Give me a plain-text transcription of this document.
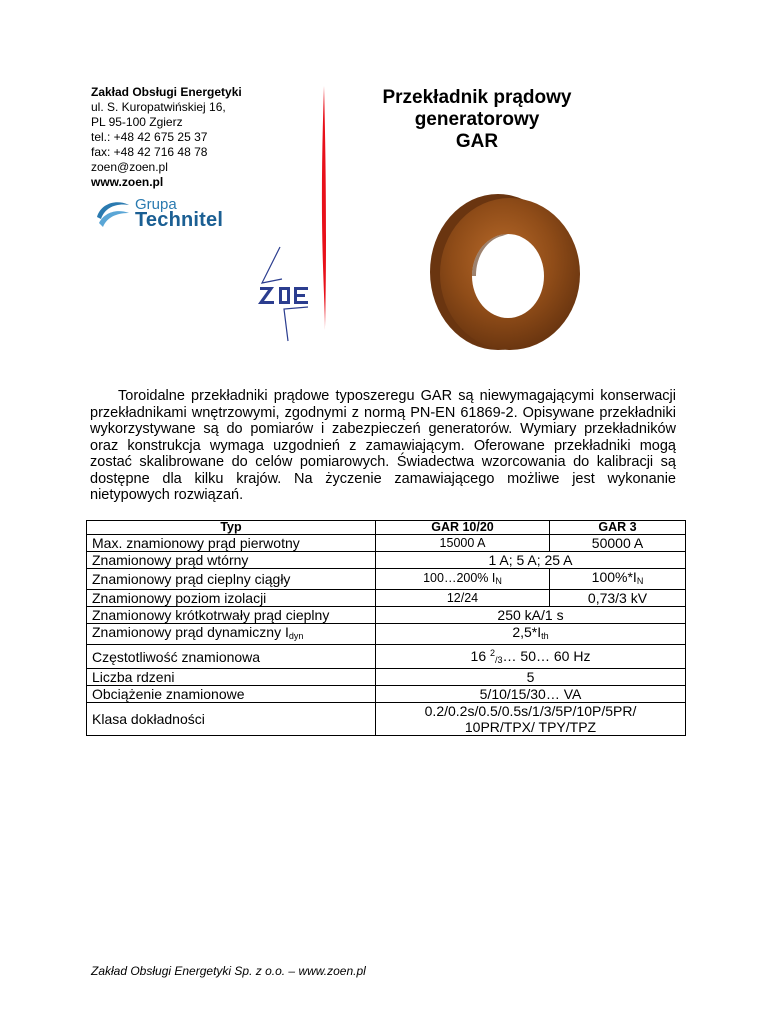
Zakład Obsługi Energetyki
ul. S. Kuropatwińskiej 16,
PL 95-100 Zgierz
tel.: +48 42 675 25 37
fax: +48 42 716 48 78
zoen@zoen.pl
www.zoen.pl
Grupa
Technitel
Przekładnik prądowy
generatorowy
GAR

Toroidalne przekładniki prądowe typoszeregu GAR są niewymagającymi konserwacji przekładnikami wnętrzowymi, zgodnymi z normą PN-EN 61869-2. Opisywane przekładniki wykorzystywane są do pomiarów i zabezpieczeń generatorów. Wymiary przekładników oraz konstrukcja wymaga uzgodnień z zamawiającym. Oferowane przekładniki mogą zostać skalibrowane do celów pomiarowych. Świadectwa wzorcowania do kalibracji są dostępne dla kilku krajów. Na życzenie zamawiającego możliwe jest wykonanie nietypowych rozwiązań.

Typ	GAR 10/20	GAR 3
Max. znamionowy prąd pierwotny	15000 A	50000 A
Znamionowy prąd wtórny	1 A; 5 A; 25 A	
Znamionowy prąd cieplny ciągły	100…200% $I_N$	$100\%*I_N$
Znamionowy poziom izolacji	12/24	0,73/3 kV
Znamionowy krótkotrwały prąd cieplny	250 kA/1 s	
Znamionowy prąd dynamiczny $I_{dyn}$	$2,5*I_{th}$
Częstotliwość znamionowa	16 $^2_{/3}$… 50… 60 Hz	
Liczba rdzeni	5	
Obciążenie znamionowe	5/10/15/30… VA	
Klasa dokładności	0.2/0.2s/0.5/0.5s/1/3/5P/10P/5PR/
10PR/TPX/ TPY/TPZ	
Zakład Obsługi Energetyki Sp. z o.o. – www.zoen.pl
